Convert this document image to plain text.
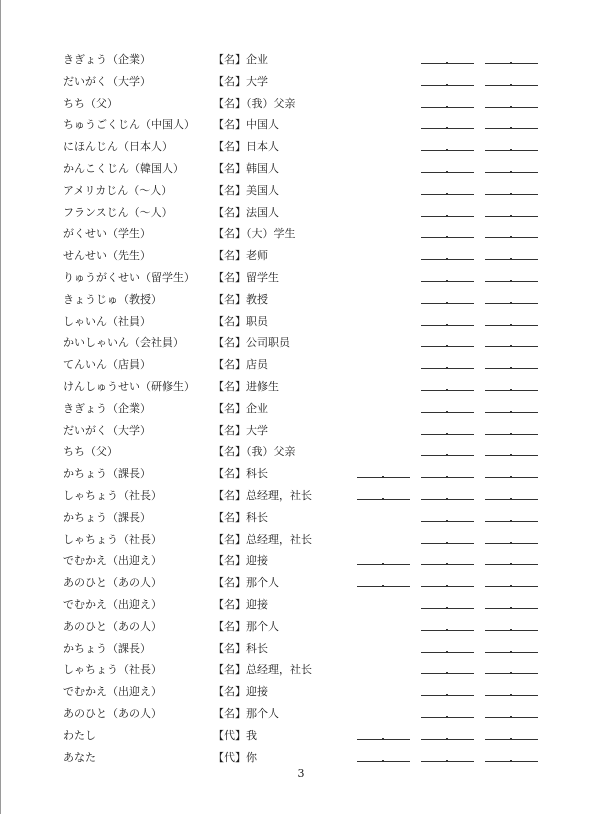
きぎょう（企業）	【名】企业
だいがく（大学）	【名】大学
ちち（父）	【名】（我）父亲
ちゅうごくじん（中国人） 【名】中国人
にほんじん（日本人）	【名】日本人
かんこくじん（韓国人）	【名】韩国人
アメリカじん（～人）	【名】美国人
フランスじん（～人）	【名】法国人
がくせい（学生）	【名】（大）学生
せんせい（先生）	【名】老师
りゅうがくせい（留学生） 【名】留学生
きょうじゅ（教授）	【名】教授
しゃいん（社員）	【名】职员
かいしゃいん（会社員）	【名】公司职员
てんいん（店員）	【名】店员
けんしゅうせい（研修生） 【名】进修生
きぎょう（企業）	【名】企业
だいがく（大学）	【名】大学
ちち（父）	【名】（我）父亲
かちょう（課長）	【名】科长
しゃちょう（社長）	【名】总经理，社长
かちょう（課長）	【名】科长
しゃちょう（社長）	【名】总经理，社长
でむかえ（出迎え）	【名】迎接
あのひと（あの人）	【名】那个人
でむかえ（出迎え）	【名】迎接
あのひと（あの人）	【名】那个人
かちょう（課長）	【名】科长
しゃちょう（社長）	【名】总经理，社长
でむかえ（出迎え）	【名】迎接
あのひと（あの人）	【名】那个人
わたし	【代】我
あなた	【代】你
3
